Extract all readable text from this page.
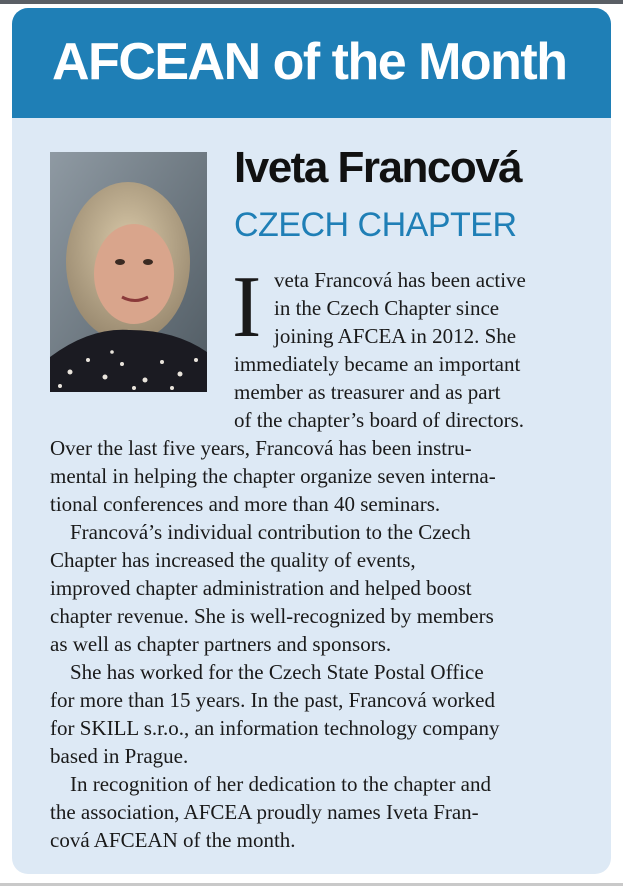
AFCEAN of the Month
Iveta Francová
CZECH CHAPTER
I veta Francová has been active
in the Czech Chapter since
joining AFCEA in 2012. She
immediately became an important
member as treasurer and as part
of the chapter’s board of directors.
Over the last five years, Francová has been instru-
mental in helping the chapter organize seven interna-
tional conferences and more than 40 seminars.
Francová’s individual contribution to the Czech
Chapter has increased the quality of events,
improved chapter administration and helped boost
chapter revenue. She is well-recognized by members
as well as chapter partners and sponsors.
She has worked for the Czech State Postal Office
for more than 15 years. In the past, Francová worked
for SKILL s.r.o., an information technology company
based in Prague.
In recognition of her dedication to the chapter and
the association, AFCEA proudly names Iveta Fran-
cová AFCEAN of the month.
